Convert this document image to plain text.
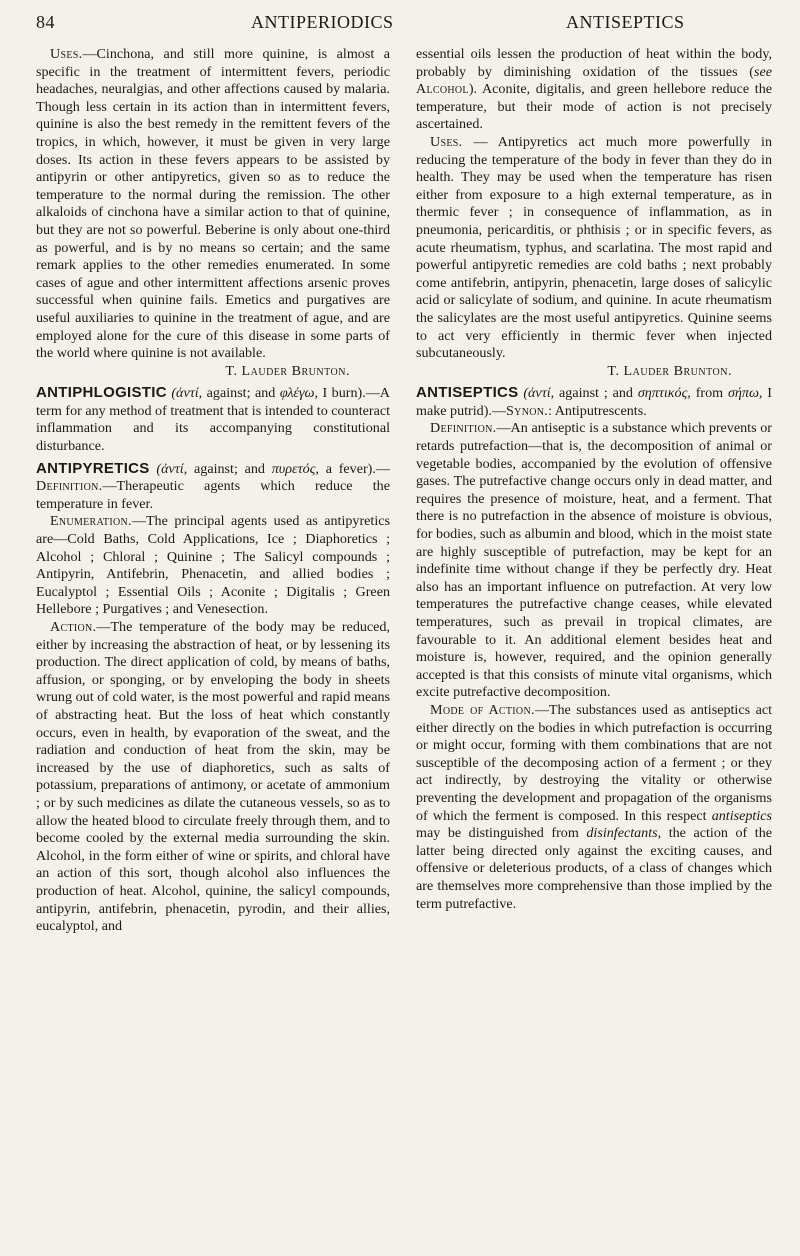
84	ANTIPERIODICS	ANTISEPTICS

Uses.—Cinchona, and still more quinine, is almost a specific in the treatment of intermittent fevers, periodic headaches, neuralgias, and other affections caused by malaria. Though less certain in its action than in intermittent fevers, quinine is also the best remedy in the remittent fevers of the tropics, in which, however, it must be given in very large doses. Its action in these fevers appears to be assisted by antipyrin or other antipyretics, given so as to reduce the temperature to the normal during the remission. The other alkaloids of cinchona have a similar action to that of quinine, but they are not so powerful. Beberine is only about one-third as powerful, and is by no means so certain; and the same remark applies to the other remedies enumerated. In some cases of ague and other intermittent affections arsenic proves successful when quinine fails. Emetics and purgatives are useful auxiliaries to quinine in the treatment of ague, and are employed alone for the cure of this disease in some parts of the world where quinine is not available.

T. Lauder Brunton.

ANTIPHLOGISTIC (ἀντί, against; and φλέγω, I burn).—A term for any method of treatment that is intended to counteract inflammation and its accompanying constitutional disturbance.

ANTIPYRETICS (ἀντί, against; and πυρετός, a fever).—Definition.—Therapeutic agents which reduce the temperature in fever.

Enumeration.—The principal agents used as antipyretics are—Cold Baths, Cold Applications, Ice ; Diaphoretics ; Alcohol ; Chloral ; Quinine ; The Salicyl compounds ; Antipyrin, Antifebrin, Phenacetin, and allied bodies ; Eucalyptol ; Essential Oils ; Aconite ; Digitalis ; Green Hellebore ; Purgatives ; and Venesection.

Action.—The temperature of the body may be reduced, either by increasing the abstraction of heat, or by lessening its production. The direct application of cold, by means of baths, affusion, or sponging, or by enveloping the body in sheets wrung out of cold water, is the most powerful and rapid means of abstracting heat. But the loss of heat which constantly occurs, even in health, by evaporation of the sweat, and the radiation and conduction of heat from the skin, may be increased by the use of diaphoretics, such as salts of potassium, preparations of antimony, or acetate of ammonium ; or by such medicines as dilate the cutaneous vessels, so as to allow the heated blood to circulate freely through them, and to become cooled by the external media surrounding the skin. Alcohol, in the form either of wine or spirits, and chloral have an action of this sort, though alcohol also influences the production of heat. Alcohol, quinine, the salicyl compounds, antipyrin, antifebrin, phenacetin, pyrodin, and their allies, eucalyptol, and

essential oils lessen the production of heat within the body, probably by diminishing oxidation of the tissues (see Alcohol). Aconite, digitalis, and green hellebore reduce the temperature, but their mode of action is not precisely ascertained.

Uses. — Antipyretics act much more powerfully in reducing the temperature of the body in fever than they do in health. They may be used when the temperature has risen either from exposure to a high external temperature, as in thermic fever ; in consequence of inflammation, as in pneumonia, pericarditis, or phthisis ; or in specific fevers, as acute rheumatism, typhus, and scarlatina. The most rapid and powerful antipyretic remedies are cold baths ; next probably come antifebrin, antipyrin, phenacetin, large doses of salicylic acid or salicylate of sodium, and quinine. In acute rheumatism the salicylates are the most useful antipyretics. Quinine seems to act very efficiently in thermic fever when injected subcutaneously.

T. Lauder Brunton.

ANTISEPTICS (ἀντί, against ; and σηπτικός, from σήπω, I make putrid).—Synon.: Antiputrescents.

Definition.—An antiseptic is a substance which prevents or retards putrefaction—that is, the decomposition of animal or vegetable bodies, accompanied by the evolution of offensive gases. The putrefactive change occurs only in dead matter, and requires the presence of moisture, heat, and a ferment. That there is no putrefaction in the absence of moisture is obvious, for bodies, such as albumin and blood, which in the moist state are highly susceptible of putrefaction, may be kept for an indefinite time without change if they be perfectly dry. Heat also has an important influence on putrefaction. At very low temperatures the putrefactive change ceases, while elevated temperatures, such as prevail in tropical climates, are favourable to it. An additional element besides heat and moisture is, however, required, and the opinion generally accepted is that this consists of minute vital organisms, which excite putrefactive decomposition.

Mode of Action.—The substances used as antiseptics act either directly on the bodies in which putrefaction is occurring or might occur, forming with them combinations that are not susceptible of the decomposing action of a ferment ; or they act indirectly, by destroying the vitality or otherwise preventing the development and propagation of the organisms of which the ferment is composed. In this respect antiseptics may be distinguished from disinfectants, the action of the latter being directed only against the exciting causes, and offensive or deleterious products, of a class of changes which are themselves more comprehensive than those implied by the term putrefactive.
